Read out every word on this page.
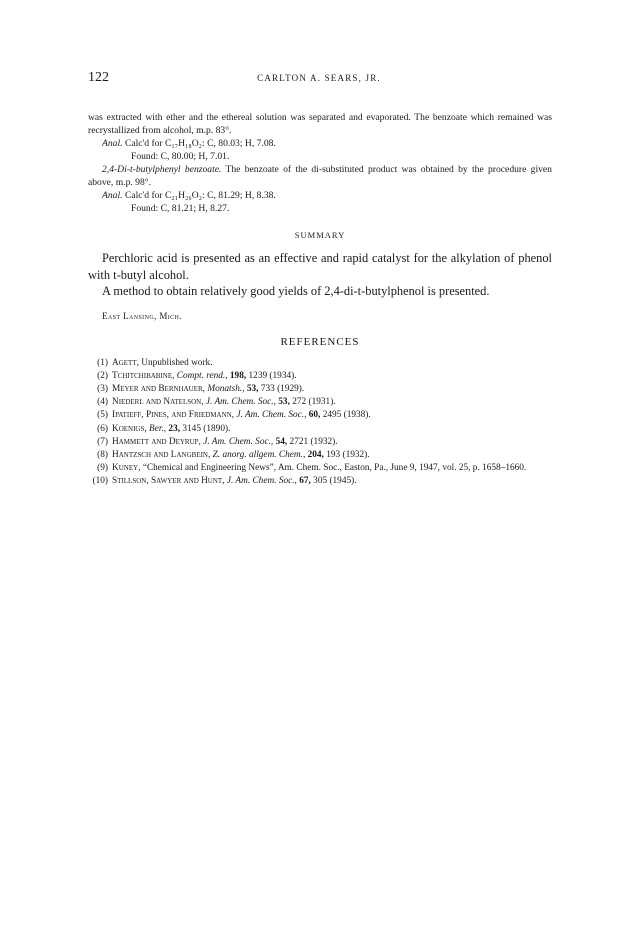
122	CARLTON A. SEARS, JR.

was extracted with ether and the ethereal solution was separated and evaporated. The benzoate which remained was recrystallized from alcohol, m.p. 83°.

Anal. Calc'd for C₁₇H₁₈O₂: C, 80.03; H, 7.08.

Found: C, 80.00; H, 7.01.

2,4-Di-t-butylphenyl benzoate. The benzoate of the di-substituted product was obtained by the procedure given above, m.p. 98°.

Anal. Calc'd for C₂₁H₂₆O₂: C, 81.29; H, 8.38.

Found: C, 81.21; H, 8.27.

SUMMARY

Perchloric acid is presented as an effective and rapid catalyst for the alkylation of phenol with t-butyl alcohol.

A method to obtain relatively good yields of 2,4-di-t-butylphenol is presented.

East Lansing, Mich.
REFERENCES
(1) Agett, Unpublished work.
(2) Tchitchibabine, Compt. rend., 198, 1239 (1934).
(3) Meyer and Bernhauer, Monatsh., 53, 733 (1929).
(4) Niederl and Natelson, J. Am. Chem. Soc., 53, 272 (1931).
(5) Ipatieff, Pines, and Friedmann, J. Am. Chem. Soc., 60, 2495 (1938).
(6) Koenigs, Ber., 23, 3145 (1890).
(7) Hammett and Deyrup, J. Am. Chem. Soc., 54, 2721 (1932).
(8) Hantzsch and Langbein, Z. anorg. allgem. Chem., 204, 193 (1932).
(9) Kuney, “Chemical and Engineering News”, Am. Chem. Soc., Easton, Pa., June 9, 1947, vol. 25, p. 1658–1660.
(10) Stillson, Sawyer and Hunt, J. Am. Chem. Soc., 67, 305 (1945).
